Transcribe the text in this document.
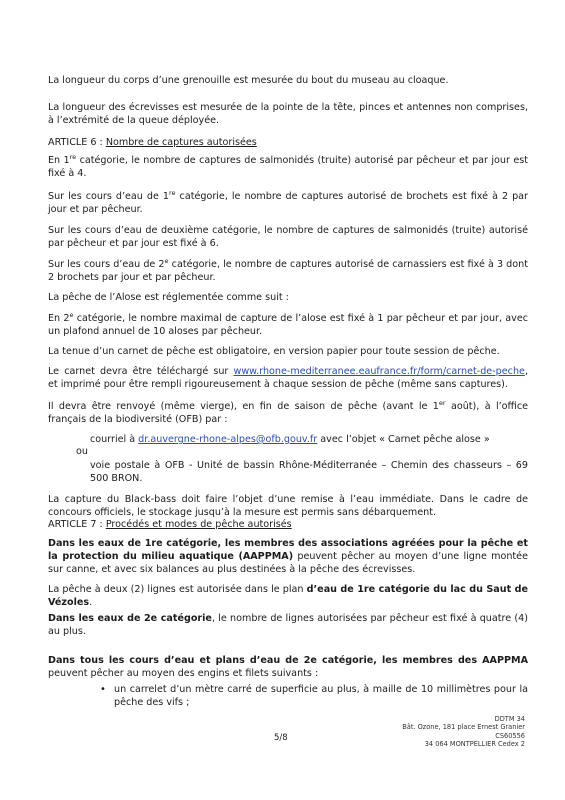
La longueur du corps d’une grenouille est mesurée du bout du museau au cloaque.

La longueur des écrevisses est mesurée de la pointe de la tête, pinces et antennes non comprises, à l’extrémité de la queue déployée.

ARTICLE 6 : Nombre de captures autorisées

En 1re catégorie, le nombre de captures de salmonidés (truite) autorisé par pêcheur et par jour est fixé à 4.

Sur les cours d’eau de 1re catégorie, le nombre de captures autorisé de brochets est fixé à 2 par jour et par pêcheur.

Sur les cours d’eau de deuxième catégorie, le nombre de captures de salmonidés (truite) autorisé par pêcheur et par jour est fixé à 6.

Sur les cours d’eau de 2e catégorie, le nombre de captures autorisé de carnassiers est fixé à 3 dont 2 brochets par jour et par pêcheur.

La pêche de l’Alose est réglementée comme suit :

En 2e catégorie, le nombre maximal de capture de l’alose est fixé à 1 par pêcheur et par jour, avec un plafond annuel de 10 aloses par pêcheur.

La tenue d’un carnet de pêche est obligatoire, en version papier pour toute session de pêche.

Le carnet devra être téléchargé sur www.rhone-mediterranee.eaufrance.fr/form/carnet-de-peche, et imprimé pour être rempli rigoureusement à chaque session de pêche (même sans captures).

Il devra être renvoyé (même vierge), en fin de saison de pêche (avant le 1er août), à l’office français de la biodiversité (OFB) par :

courriel à dr.auvergne-rhone-alpes@ofb.gouv.fr avec l’objet « Carnet pêche alose »
ou
voie postale à OFB - Unité de bassin Rhône-Méditerranée – Chemin des chasseurs – 69 500 BRON.

La capture du Black-bass doit faire l’objet d’une remise à l’eau immédiate. Dans le cadre de concours officiels, le stockage jusqu’à la mesure est permis sans débarquement.

ARTICLE 7 : Procédés et modes de pêche autorisés

Dans les eaux de 1re catégorie, les membres des associations agréées pour la pêche et la protection du milieu aquatique (AAPPMA) peuvent pêcher au moyen d’une ligne montée sur canne, et avec six balances au plus destinées à la pêche des écrevisses.

La pêche à deux (2) lignes est autorisée dans le plan d’eau de 1re catégorie du lac du Saut de Vézoles.

Dans les eaux de 2e catégorie, le nombre de lignes autorisées par pêcheur est fixé à quatre (4) au plus.

Dans tous les cours d’eau et plans d’eau de 2e catégorie, les membres des AAPPMA peuvent pêcher au moyen des engins et filets suivants :

• un carrelet d’un mètre carré de superficie au plus, à maille de 10 millimètres pour la pêche des vifs ;
5/8
DDTM 34
Bât. Ozone, 181 place Ernest Granier
CS60556
34 064 MONTPELLIER Cedex 2
